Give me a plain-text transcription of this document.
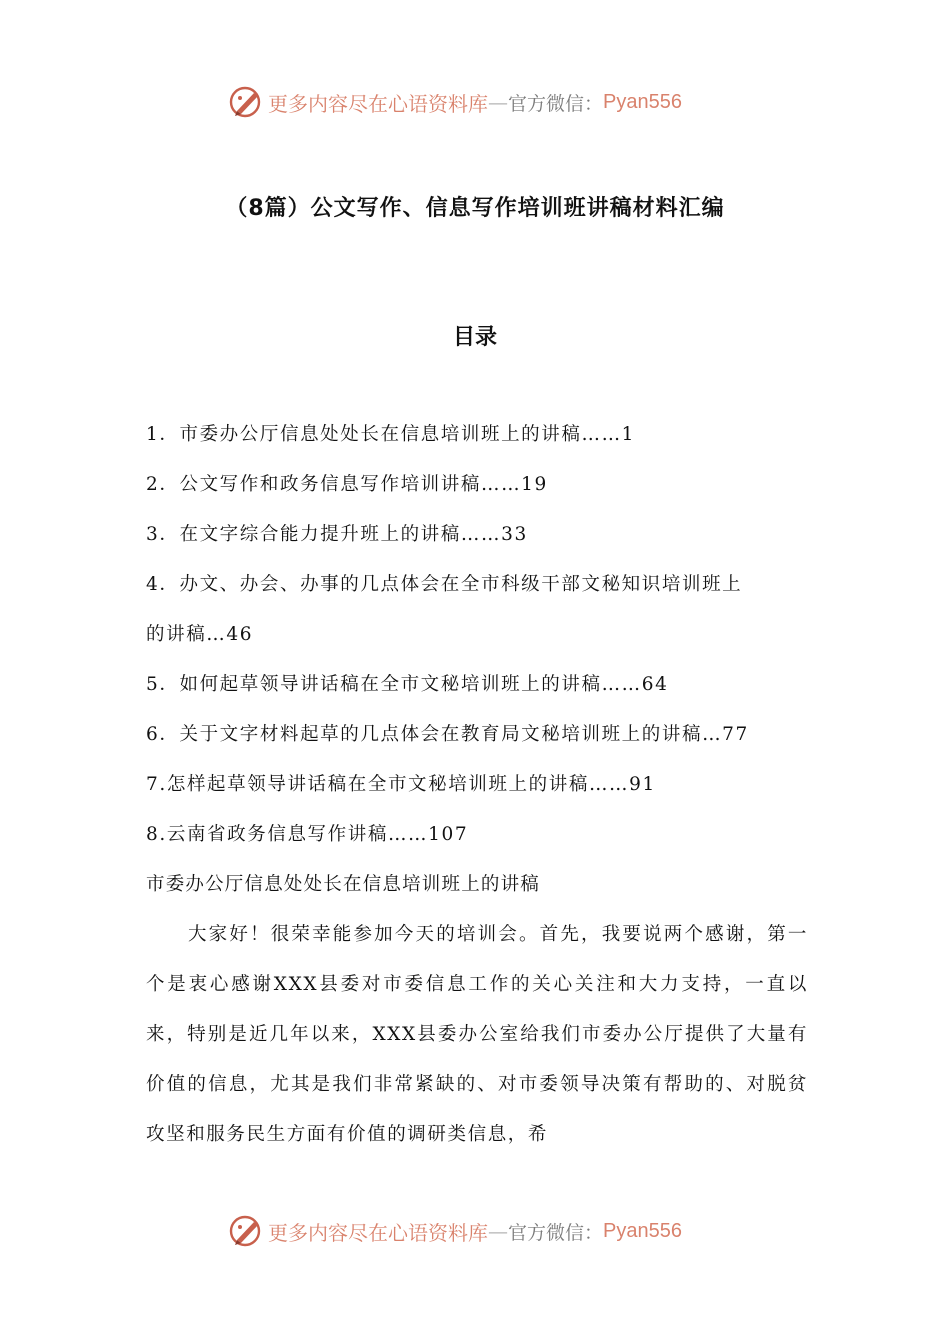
更多内容尽在心语资料库 — 官方微信： Pyan556
（8篇）公文写作、信息写作培训班讲稿材料汇编
目录
1．市委办公厅信息处处长在信息培训班上的讲稿……1
2．公文写作和政务信息写作培训讲稿……19
3．在文字综合能力提升班上的讲稿……33
4．办文、办会、办事的几点体会在全市科级干部文秘知识培训班上
的讲稿…46
5．如何起草领导讲话稿在全市文秘培训班上的讲稿……64
6．关于文字材料起草的几点体会在教育局文秘培训班上的讲稿…77
7.怎样起草领导讲话稿在全市文秘培训班上的讲稿……91
8.云南省政务信息写作讲稿……107

市委办公厅信息处处长在信息培训班上的讲稿

大家好！很荣幸能参加今天的培训会。首先，我要说两个感谢，第一个是衷心感谢XXX县委对市委信息工作的关心关注和大力支持，一直以来，特别是近几年以来，XXX县委办公室给我们市委办公厅提供了大量有价值的信息，尤其是我们非常紧缺的、对市委领导决策有帮助的、对脱贫攻坚和服务民生方面有价值的调研类信息，希

更多内容尽在心语资料库 — 官方微信： Pyan556
